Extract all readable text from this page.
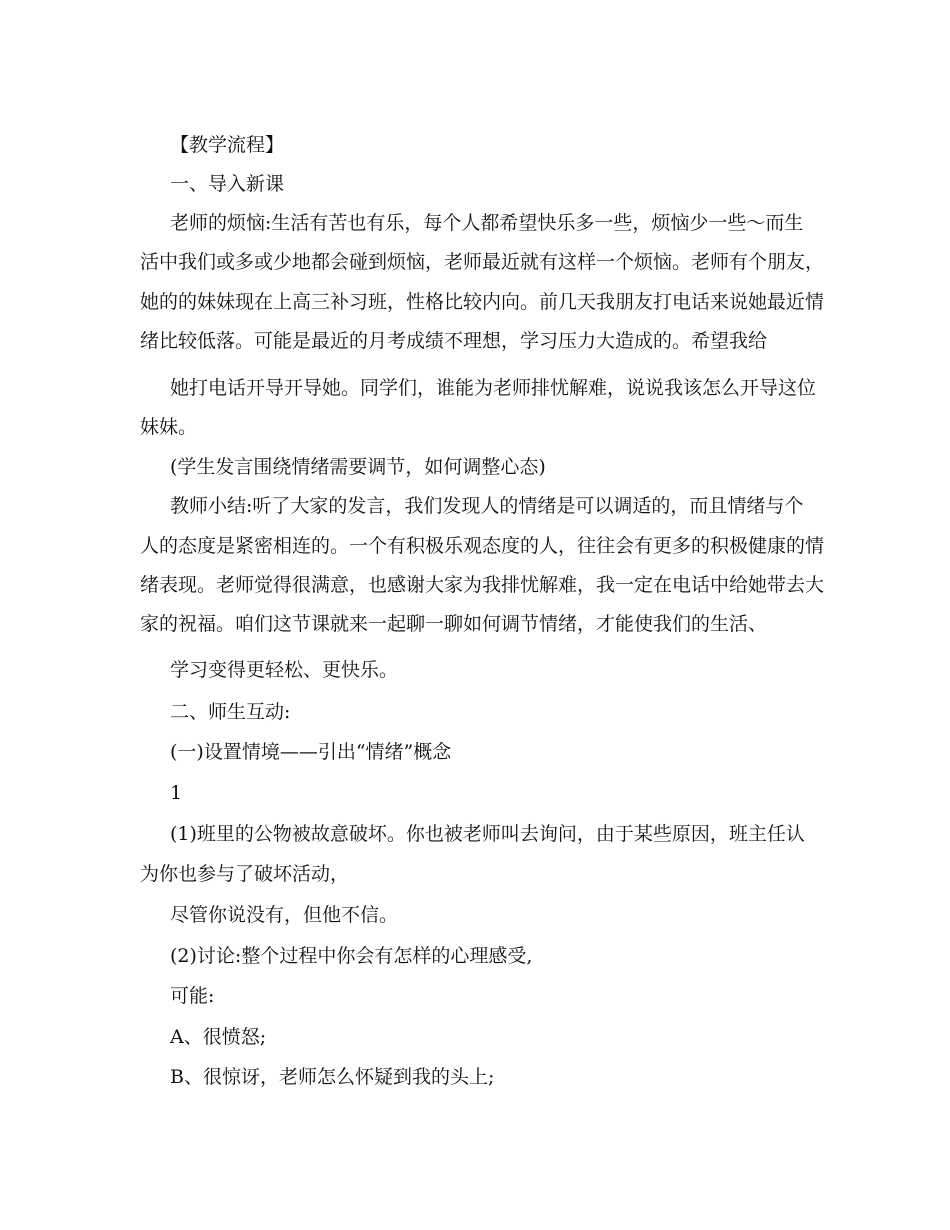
【教学流程】
一、导入新课
老师的烦恼:生活有苦也有乐，每个人都希望快乐多一些，烦恼少一些～而生
活中我们或多或少地都会碰到烦恼，老师最近就有这样一个烦恼。老师有个朋友，
她的的妹妹现在上高三补习班，性格比较内向。前几天我朋友打电话来说她最近情
绪比较低落。可能是最近的月考成绩不理想，学习压力大造成的。希望我给
她打电话开导开导她。同学们，谁能为老师排忧解难，说说我该怎么开导这位
妹妹。
(学生发言围绕情绪需要调节，如何调整心态)
教师小结:听了大家的发言，我们发现人的情绪是可以调适的，而且情绪与个
人的态度是紧密相连的。一个有积极乐观态度的人，往往会有更多的积极健康的情
绪表现。老师觉得很满意，也感谢大家为我排忧解难，我一定在电话中给她带去大
家的祝福。咱们这节课就来一起聊一聊如何调节情绪，才能使我们的生活、
学习变得更轻松、更快乐。
二、师生互动:
(一)设置情境——引出“情绪”概念
1
(1)班里的公物被故意破坏。你也被老师叫去询问，由于某些原因，班主任认
为你也参与了破坏活动，
尽管你说没有，但他不信。
(2)讨论:整个过程中你会有怎样的心理感受,
可能:
A、很愤怒;
B、很惊讶，老师怎么怀疑到我的头上;
